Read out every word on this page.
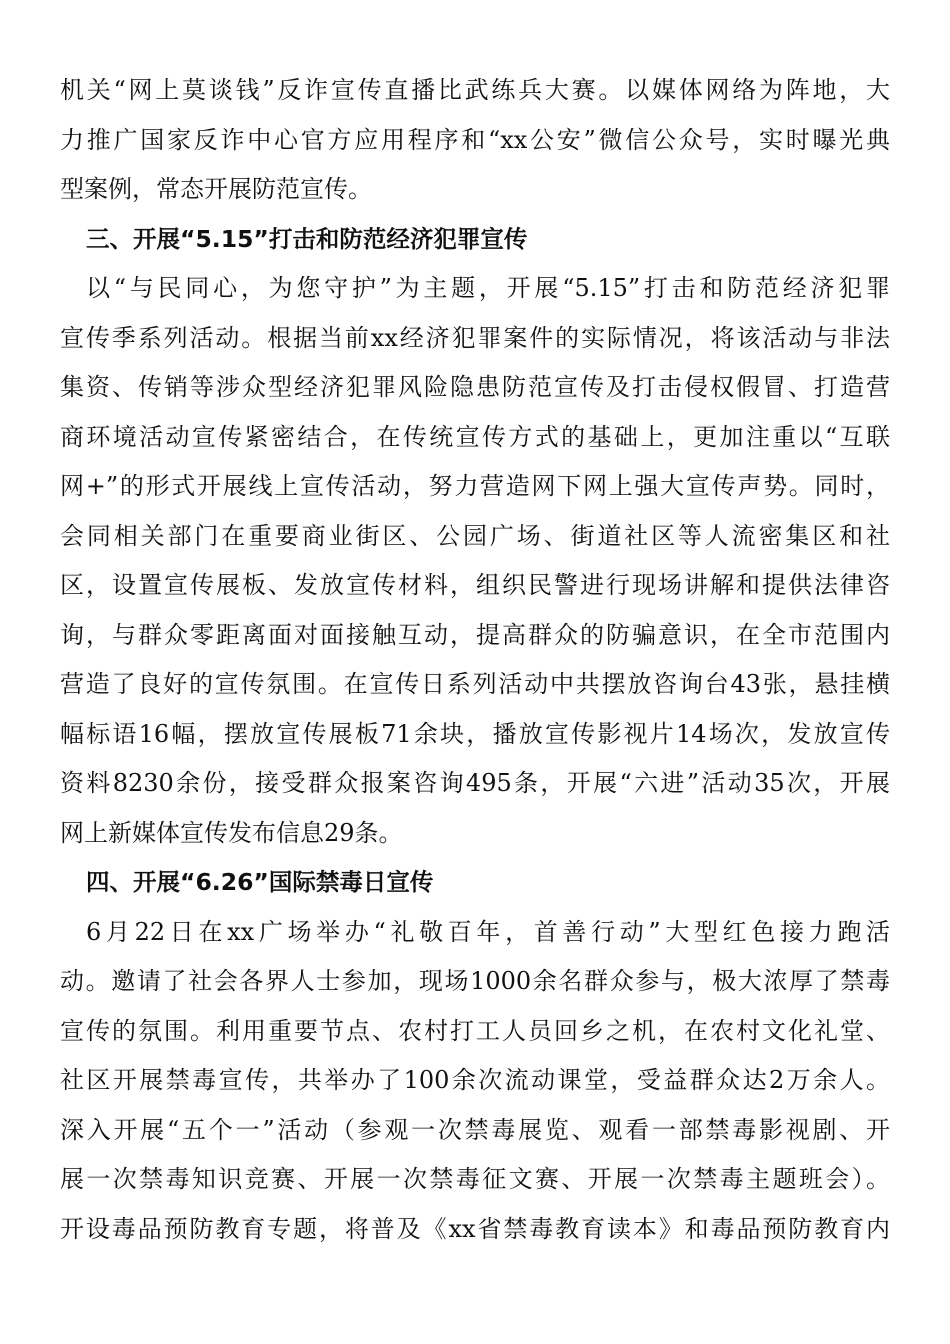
机关“网上莫谈钱”反诈宣传直播比武练兵大赛。以媒体网络为阵地，大
力推广国家反诈中心官方应用程序和“xx公安”微信公众号，实时曝光典
型案例，常态开展防范宣传。
三、开展“5.15”打击和防范经济犯罪宣传
以“与民同心，为您守护”为主题，开展“5.15”打击和防范经济犯罪
宣传季系列活动。根据当前xx经济犯罪案件的实际情况，将该活动与非法
集资、传销等涉众型经济犯罪风险隐患防范宣传及打击侵权假冒、打造营
商环境活动宣传紧密结合，在传统宣传方式的基础上，更加注重以“互联
网+”的形式开展线上宣传活动，努力营造网下网上强大宣传声势。同时，
会同相关部门在重要商业街区、公园广场、街道社区等人流密集区和社
区，设置宣传展板、发放宣传材料，组织民警进行现场讲解和提供法律咨
询，与群众零距离面对面接触互动，提高群众的防骗意识，在全市范围内
营造了良好的宣传氛围。在宣传日系列活动中共摆放咨询台43张，悬挂横
幅标语16幅，摆放宣传展板71余块，播放宣传影视片14场次，发放宣传
资料8230余份，接受群众报案咨询495条，开展“六进”活动35次，开展
网上新媒体宣传发布信息29条。
四、开展“6.26”国际禁毒日宣传
6月22日在xx广场举办“礼敬百年，首善行动”大型红色接力跑活
动。邀请了社会各界人士参加，现场1000余名群众参与，极大浓厚了禁毒
宣传的氛围。利用重要节点、农村打工人员回乡之机，在农村文化礼堂、
社区开展禁毒宣传，共举办了100余次流动课堂，受益群众达2万余人。
深入开展“五个一”活动（参观一次禁毒展览、观看一部禁毒影视剧、开
展一次禁毒知识竞赛、开展一次禁毒征文赛、开展一次禁毒主题班会）。
开设毒品预防教育专题，将普及《xx省禁毒教育读本》和毒品预防教育内
